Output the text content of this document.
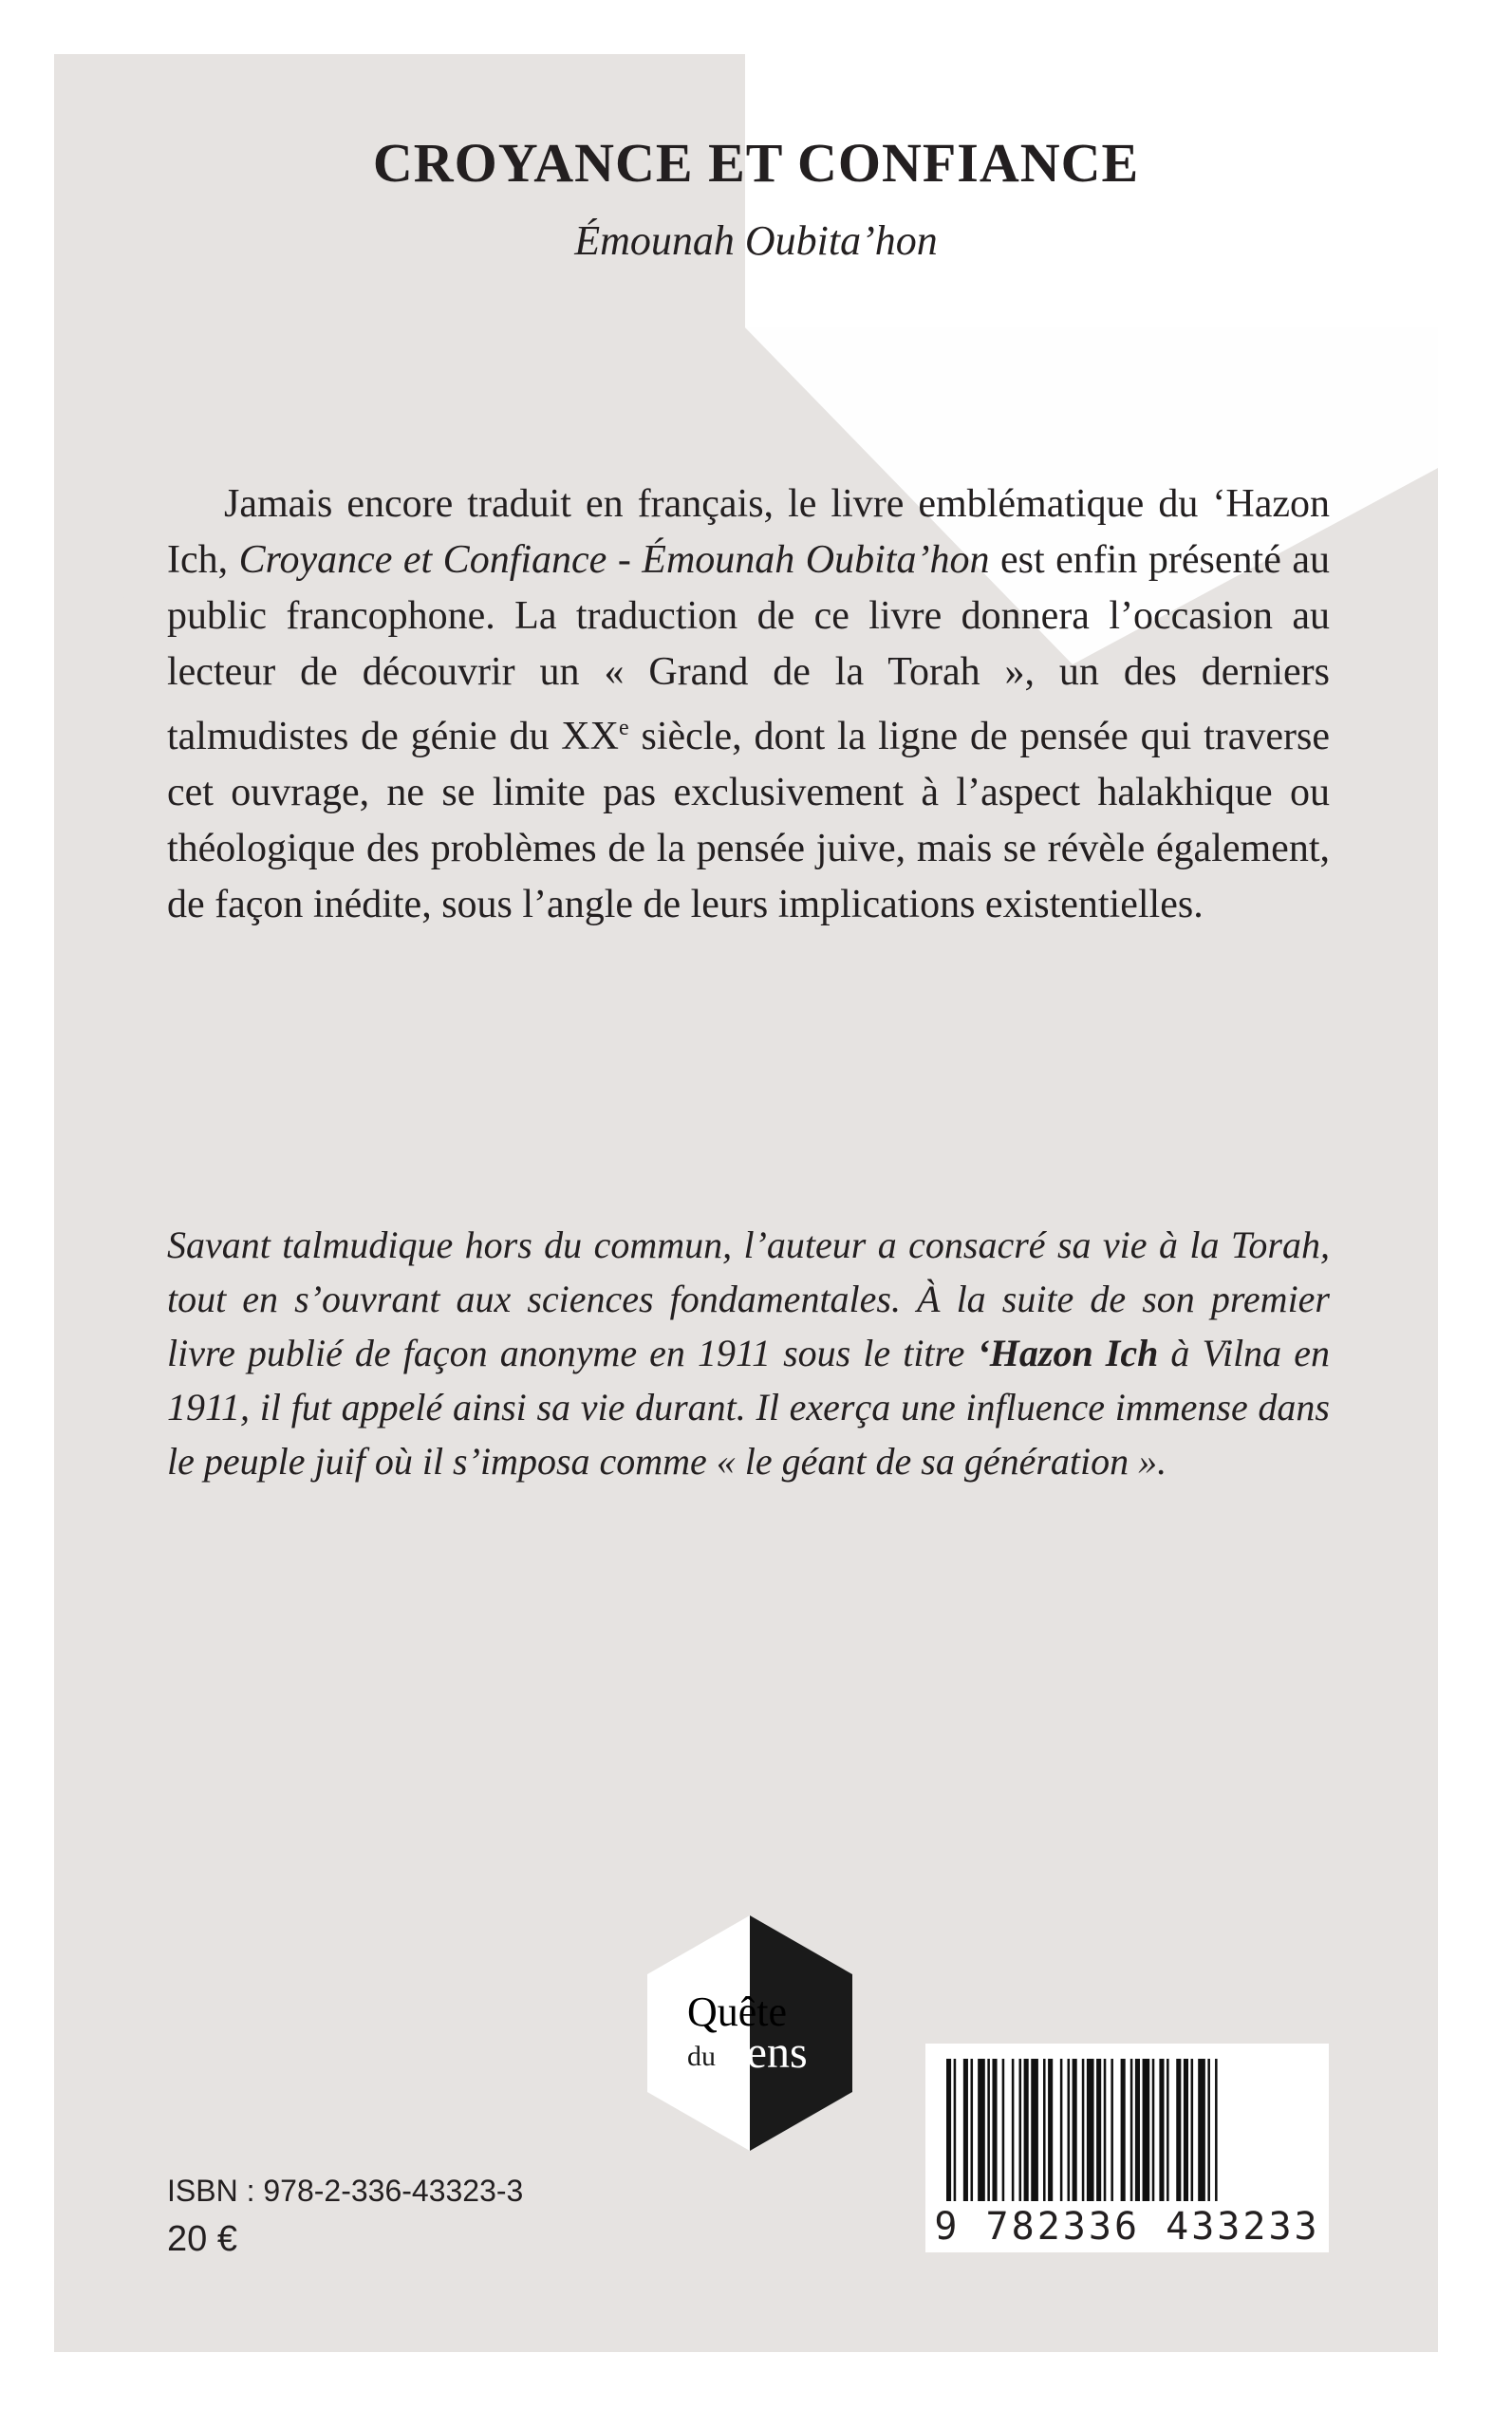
CROYANCE ET CONFIANCE
Émounah Oubita’hon

Jamais encore traduit en français, le livre emblématique du ‘Hazon Ich, Croyance et Confiance - Émounah Oubita’hon est enfin présenté au public francophone. La traduction de ce livre donnera l’occasion au lecteur de découvrir un « Grand de la Torah », un des derniers talmudistes de génie du XXe siècle, dont la ligne de pensée qui traverse cet ouvrage, ne se limite pas exclusivement à l’aspect halakhique ou théologique des problèmes de la pensée juive, mais se révèle également, de façon inédite, sous l’angle de leurs implications existentielles.

Savant talmudique hors du commun, l’auteur a consacré sa vie à la Torah, tout en s’ouvrant aux sciences fondamentales. À la suite de son premier livre publié de façon anonyme en 1911 sous le titre ‘Hazon Ich à Vilna en 1911, il fut appelé ainsi sa vie durant. Il exerça une influence immense dans le peuple juif où il s’imposa comme « le géant de sa génération ».

Quête
du sens
9 782336 433233
ISBN : 978-2-336-43323-3
20 €
